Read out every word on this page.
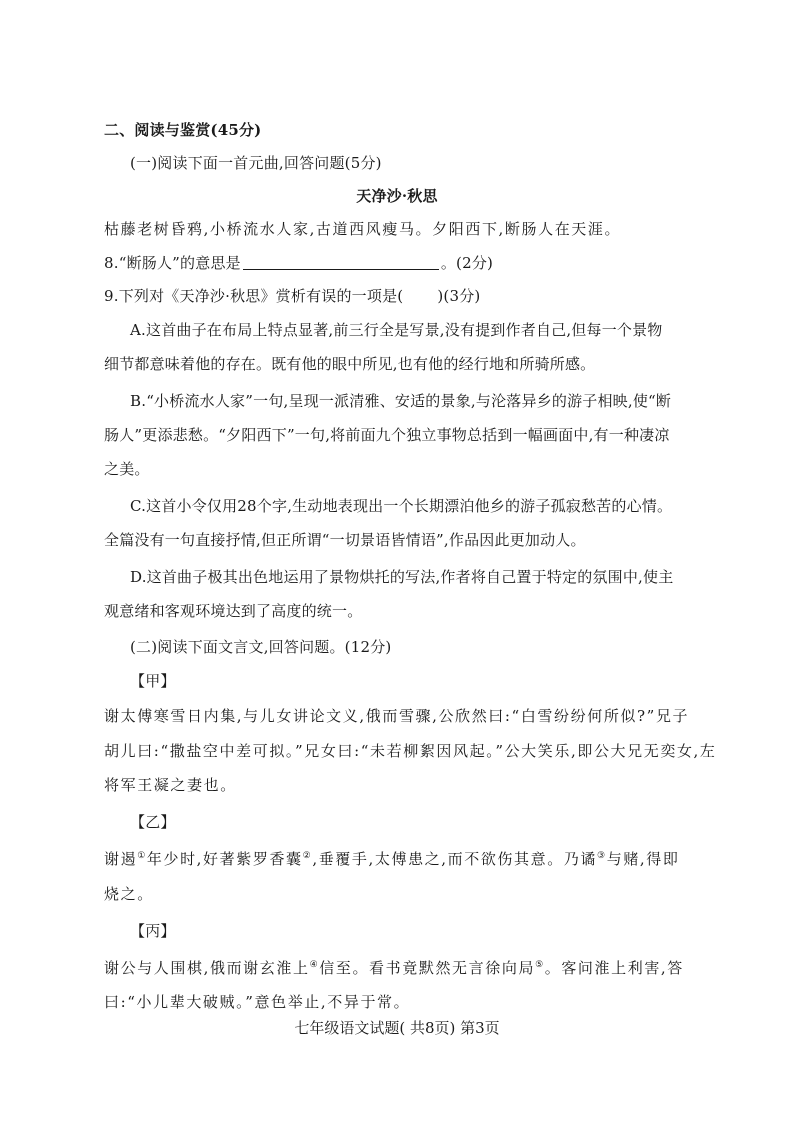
二、阅读与鉴赏(45分)
(一)阅读下面一首元曲,回答问题(5分)
天净沙·秋思
枯藤老树昏鸦,小桥流水人家,古道西风瘦马。夕阳西下,断肠人在天涯。
8.“断肠人”的意思是	。(2分)
9.下列对《天净沙·秋思》赏析有误的一项是( )(3分)
A.这首曲子在布局上特点显著,前三行全是写景,没有提到作者自己,但每一个景物
细节都意味着他的存在。既有他的眼中所见,也有他的经行地和所骑所感。
B.“小桥流水人家”一句,呈现一派清雅、安适的景象,与沦落异乡的游子相映,使“断
肠人”更添悲愁。“夕阳西下”一句,将前面九个独立事物总括到一幅画面中,有一种凄凉
之美。
C.这首小令仅用28个字,生动地表现出一个长期漂泊他乡的游子孤寂愁苦的心情。
全篇没有一句直接抒情,但正所谓“一切景语皆情语”,作品因此更加动人。
D.这首曲子极其出色地运用了景物烘托的写法,作者将自己置于特定的氛围中,使主
观意绪和客观环境达到了高度的统一。
(二)阅读下面文言文,回答问题。(12分)
【甲】
谢太傅寒雪日内集,与儿女讲论文义,俄而雪骤,公欣然曰:“白雪纷纷何所似?”兄子
胡儿曰:“撒盐空中差可拟。”兄女曰:“未若柳絮因风起。”公大笑乐,即公大兄无奕女,左
将军王凝之妻也。
【乙】
谢遏①年少时,好著紫罗香囊②,垂覆手,太傅患之,而不欲伤其意。乃谲③与赌,得即
烧之。
【丙】
谢公与人围棋,俄而谢玄淮上④信至。看书竟默然无言徐向局⑤。客问淮上利害,答
曰:“小儿辈大破贼。”意色举止,不异于常。
七年级语文试题( 共8页) 第3页
